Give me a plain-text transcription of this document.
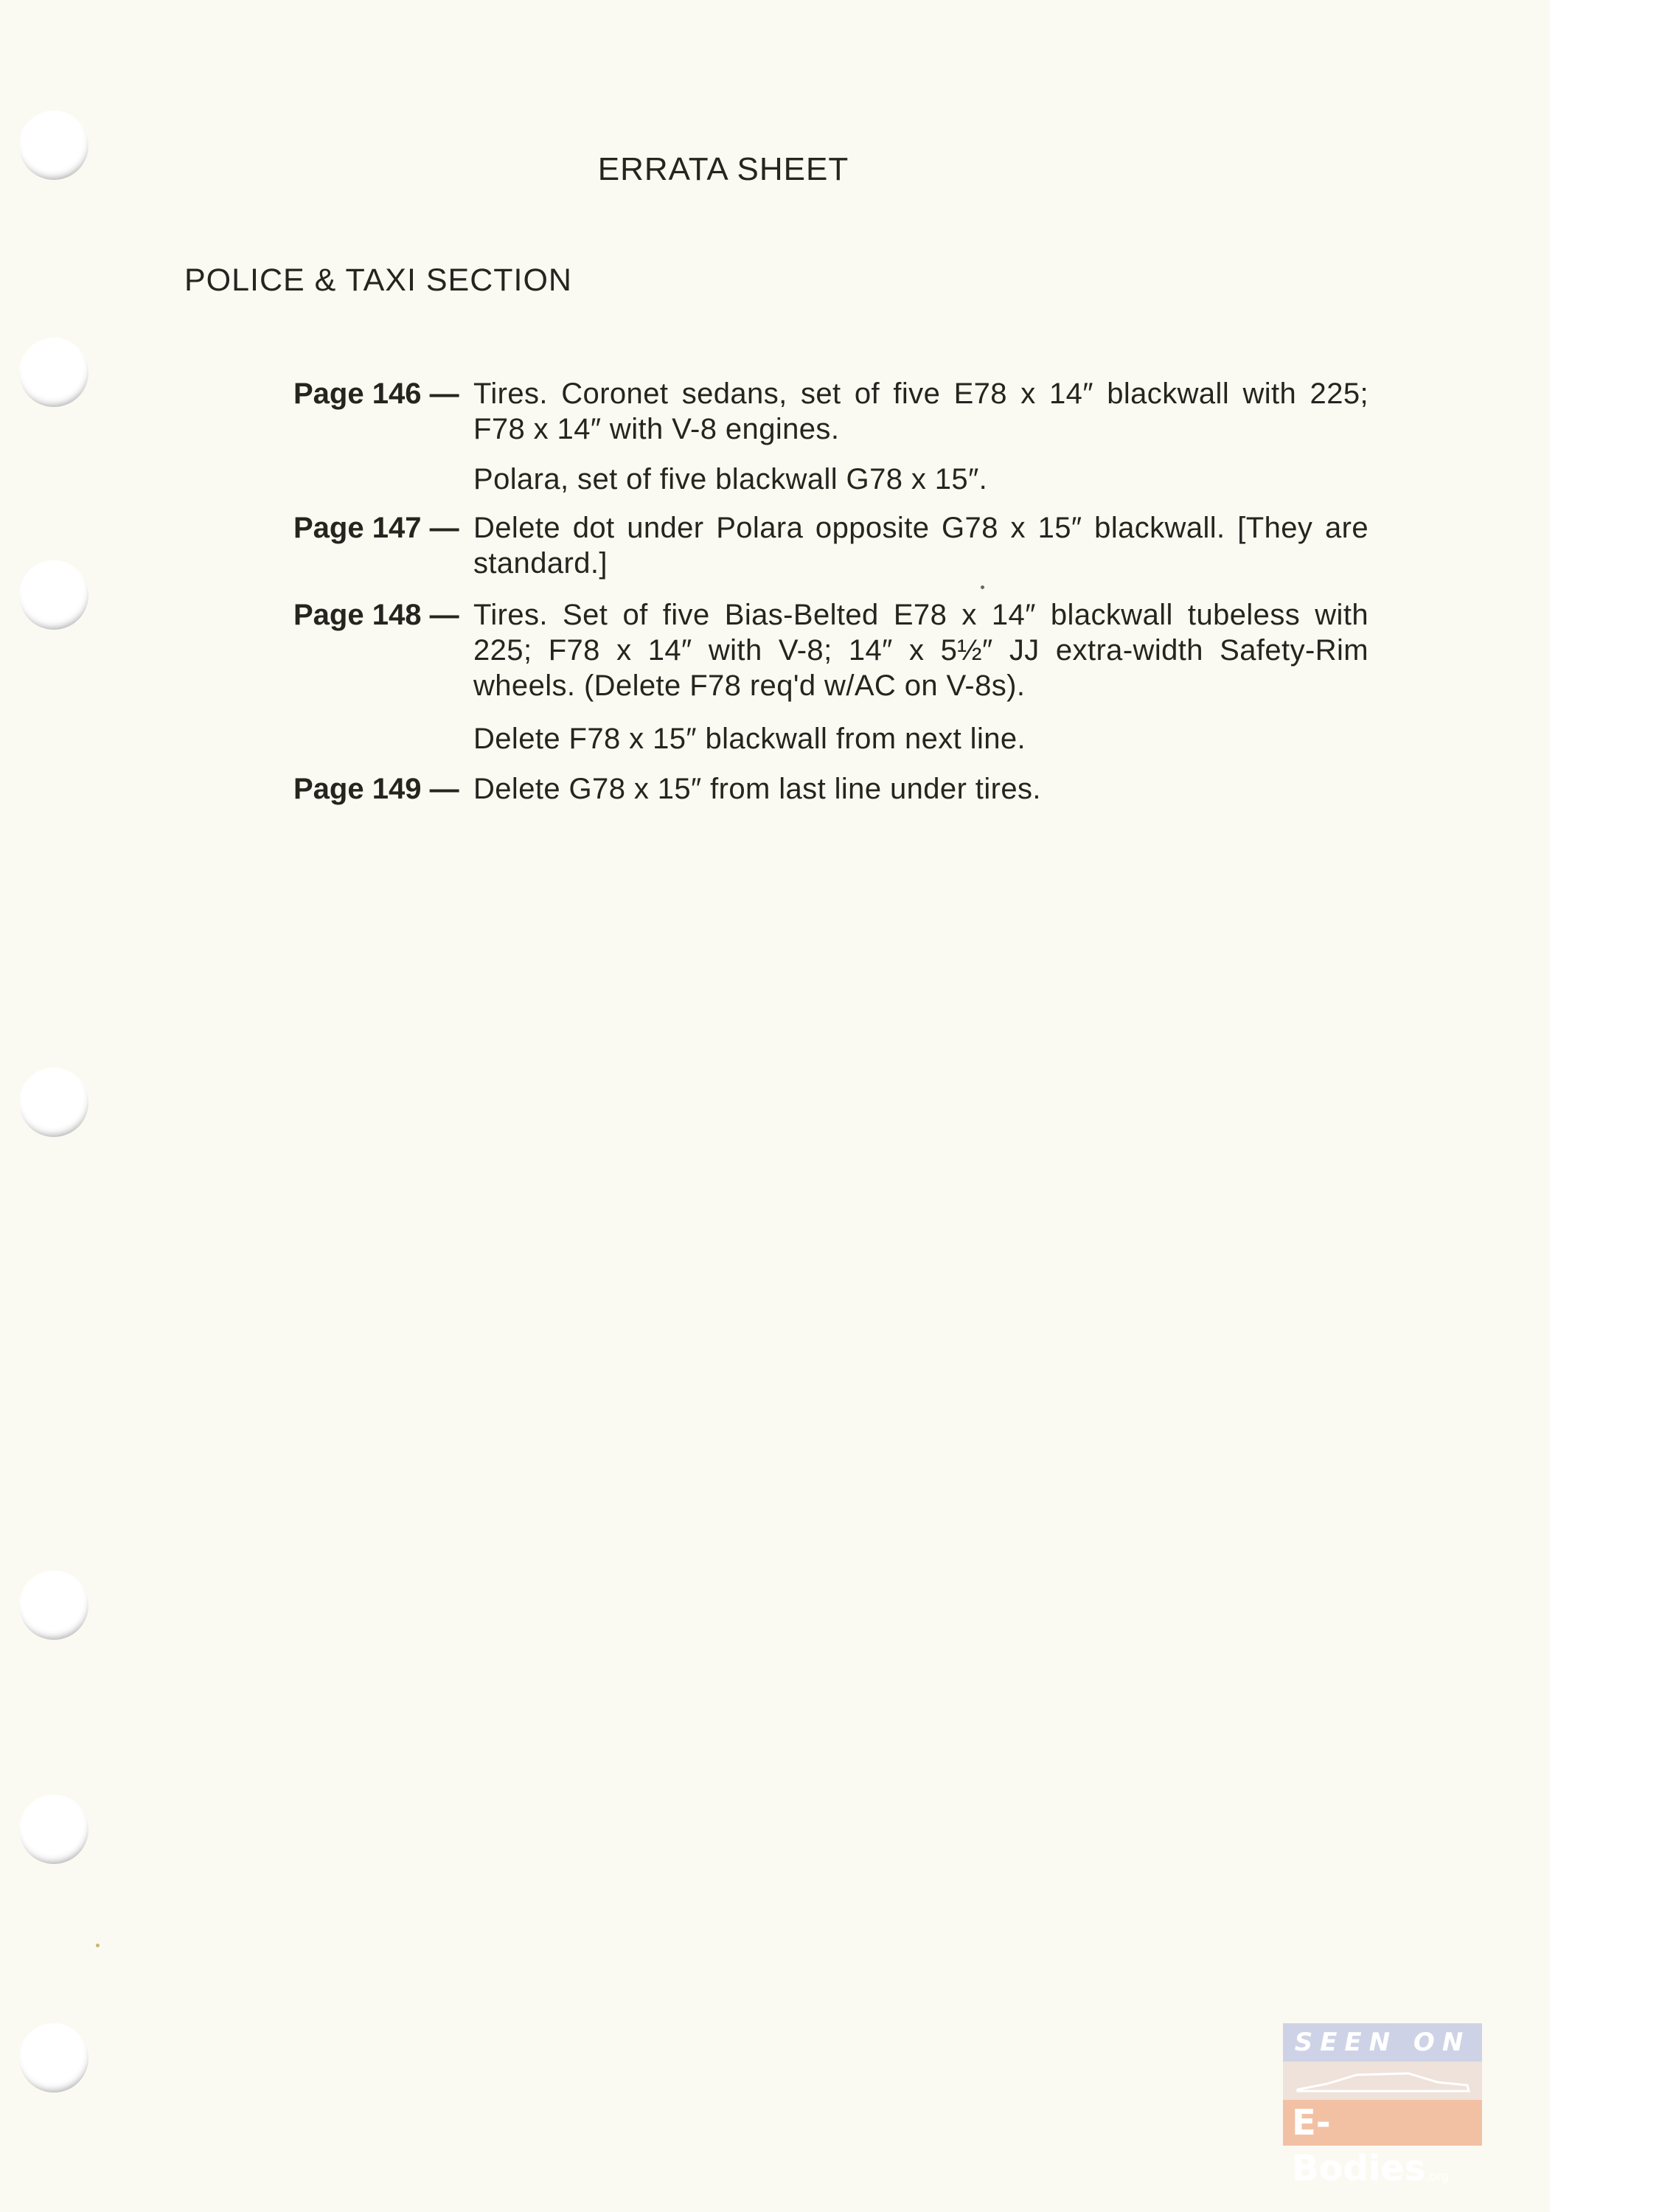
ERRATA SHEET
POLICE & TAXI SECTION
Page 146 — Tires. Coronet sedans, set of five E78 x 14″ blackwall with 225; F78 x 14″ with V-8 engines.
Polara, set of five blackwall G78 x 15″.
Page 147 — Delete dot under Polara opposite G78 x 15″ blackwall. [They are standard.]
Page 148 — Tires. Set of five Bias-Belted E78 x 14″ blackwall tubeless with 225; F78 x 14″ with V-8; 14″ x 5½″ JJ extra-width Safety-Rim wheels. (Delete F78 req'd w/AC on V-8s).
Delete F78 x 15″ blackwall from next line.
Page 149 — Delete G78 x 15″ from last line under tires.
SEEN ON
E-Bodies.org
